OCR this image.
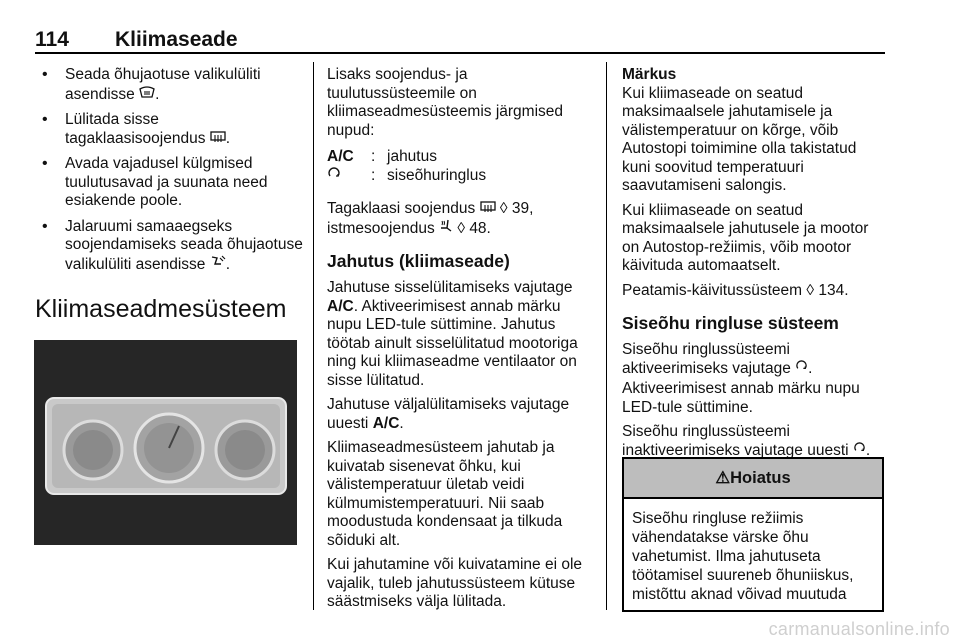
114 Kliimaseade
• Seada õhujaotuse valikulüliti asendisse .
• Lülitada sisse tagaklaasisoojendus .
• Avada vajadusel külgmised tuulutusavad ja suunata need esiakende poole.
• Jalaruumi samaaegseks soojendamiseks seada õhujaotuse valikulüliti asendisse .
Kliimaseadmesüsteem

Lisaks soojendus- ja tuulutussüsteemile on kliimaseadmesüsteemis järgmised nupud:

A/C	: jahutus
: siseõhuringlus

Tagaklaasi soojendus ◊ 39,
istmesoojendus ◊ 48.

Jahutus (kliimaseade)

Jahutuse sisselülitamiseks vajutage A/C. Aktiveerimisest annab märku nupu LED-tule süttimine. Jahutus töötab ainult sisselülitatud mootoriga ning kui kliimaseadme ventilaator on sisse lülitatud.

Jahutuse väljalülitamiseks vajutage uuesti A/C.

Kliimaseadmesüsteem jahutab ja kuivatab sisenevat õhku, kui välistemperatuur ületab veidi külmumistemperatuuri. Nii saab moodustuda kondensaat ja tilkuda sõiduki alt.

Kui jahutamine või kuivatamine ei ole vajalik, tuleb jahutussüsteem kütuse säästmiseks välja lülitada.

Märkus

Kui kliimaseade on seatud maksimaalsele jahutamisele ja välistemperatuur on kõrge, võib Autostopi toimimine olla takistatud kuni soovitud temperatuuri saavutamiseni salongis.

Kui kliimaseade on seatud maksimaalsele jahutusele ja mootor on Autostop-režiimis, võib mootor käivituda automaatselt.

Peatamis-käivitussüsteem ◊ 134.

Siseõhu ringluse süsteem

Siseõhu ringlussüsteemi aktiveerimiseks vajutage .

Aktiveerimisest annab märku nupu LED-tule süttimine.

Siseõhu ringlussüsteemi inaktiveerimiseks vajutage uuesti .

⚠Hoiatus
Siseõhu ringluse režiimis vähendatakse värske õhu vahetumist. Ilma jahutuseta töötamisel suureneb õhuniiskus, mistõttu aknad võivad muutuda
carmanualsonline.info
